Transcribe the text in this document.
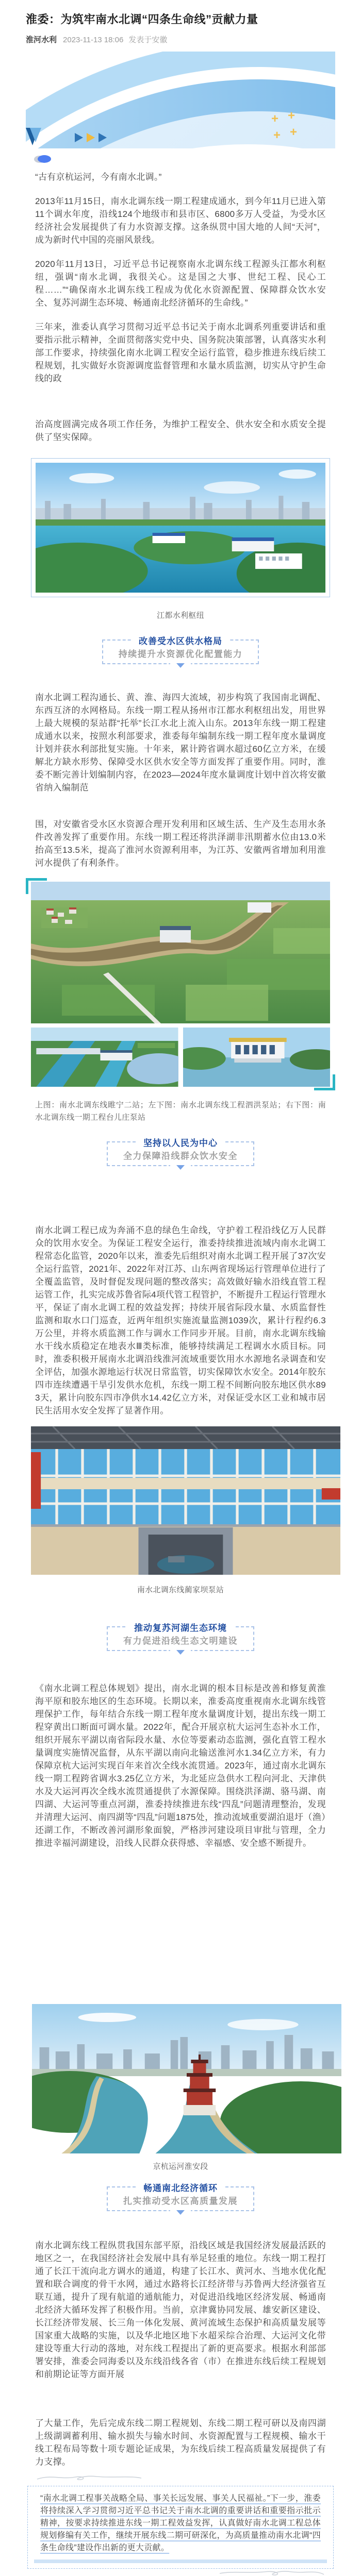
淮委：为筑牢南水北调“四条生命线”贡献力量
淮河水利 2023-11-13 18:06 发表于安徽
+ +
+ +

“古有京杭运河，今有南水北调。”

2013年11月15日，南水北调东线一期工程建成通水，到今年11月已进入第11个调水年度，沿线124个地级市和县市区、6800多万人受益，为受水区经济社会发展提供了有力水资源支撑。这条纵贯中国大地的人间“天河”，成为新时代中国的亮丽风景线。

2020年11月13日，习近平总书记视察南水北调东线工程源头江都水利枢纽，强调“南水北调，我很关心。这是国之大事、世纪工程、民心工程……”“确保南水北调东线工程成为优化水资源配置、保障群众饮水安全、复苏河湖生态环境、畅通南北经济循环的生命线。”

三年来，淮委认真学习贯彻习近平总书记关于南水北调系列重要讲话和重要指示批示精神，全面贯彻落实党中央、国务院决策部署，认真落实水利部工作要求，持续强化南水北调工程安全运行监管，稳步推进东线后续工程规划，扎实做好水资源调度监督管理和水量水质监测，切实从守护生命线的政

治高度圆满完成各项工作任务，为维护工程安全、供水安全和水质安全提供了坚实保障。

江都水利枢纽
改善受水区供水格局
持续提升水资源优化配置能力

南水北调工程沟通长、黄、淮、海四大流域，初步构筑了我国南北调配、东西互济的水网格局。东线一期工程从扬州市江都水利枢纽出发，用世界上最大规模的泵站群“托举”长江水北上流入山东。2013年东线一期工程建成通水以来，按照水利部要求，淮委每年编制东线一期工程年度水量调度计划并获水利部批复实施。十年来，累计跨省调水超过60亿立方米，在缓解北方缺水形势、保障受水区供水安全等方面发挥了重要作用。同时，淮委不断完善计划编制内容，在2023—2024年度水量调度计划中首次将安徽省纳入编制范

围，对安徽省受水区水资源合理开发利用和区域生活、生产及生态用水条件改善发挥了重要作用。东线一期工程还将洪泽湖非汛期蓄水位由13.0米抬高至13.5米，提高了淮河水资源利用率，为江苏、安徽两省增加利用淮河水提供了有利条件。

上图：南水北调东线睢宁二站；左下图：南水北调东线工程泗洪泵站；右下图：南水北调东线一期工程台儿庄泵站
坚持以人民为中心
全力保障沿线群众饮水安全

南水北调工程已成为奔涌不息的绿色生命线，守护着工程沿线亿万人民群众的饮用水安全。为保证工程安全运行，淮委持续推进流域内南水北调工程常态化监管，2020年以来，淮委先后组织对南水北调工程开展了37次安全运行监管，2021年、2022年对江苏、山东两省现场运行管理单位进行了全覆盖监管，及时督促发现问题的整改落实；高效做好输水沿线直管工程运管工作，扎实完成苏鲁省际4项代管工程管护，不断提升工程运行管理水平，保证了南水北调工程的效益发挥；持续开展省际段水量、水质监督性监测和取水口门巡查，近两年组织实施流量监测1039次，累计行程约6.3万公里，并将水质监测工作与调水工作同步开展。目前，南水北调东线输水干线水质稳定在地表水Ⅲ类标准，能够持续满足工程调水水质目标。同时，淮委积极开展南水北调沿线淮河流域重要饮用水水源地名录调查和安全评估，加强水源地运行状况日常监管，切实保障饮水安全。2014年胶东四市连续遭遇干旱引发供水危机，东线一期工程不间断向胶东地区供水893天，累计向胶东四市净供水14.42亿立方米，对保证受水区工业和城市居民生活用水安全发挥了显著作用。

南水北调东线蔺家坝泵站
推动复苏河湖生态环境
有力促进沿线生态文明建设

《南水北调工程总体规划》提出，南水北调的根本目标是改善和修复黄淮海平原和胶东地区的生态环境。长期以来，淮委高度重视南水北调东线管理保护工作，每年结合东线一期工程年度水量调度计划，提出东线一期工程穿黄出口断面可调水量。2022年，配合开展京杭大运河生态补水工作，组织开展东平湖以南省际段水量、水位等要素动态监测，强化直管工程水量调度实施情况监督，从东平湖以南向北输送淮河水1.34亿立方米，有力保障京杭大运河实现百年来首次全线水流贯通。2023年，通过南水北调东线一期工程跨省调水3.25亿立方米，为北延应急供水工程向河北、天津供水及大运河再次全线水流贯通提供了水源保障。围绕洪泽湖、骆马湖、南四湖、大运河等重点河湖，淮委持续推进东线“四乱”问题清理整治，发现并清理大运河、南四湖等“四乱”问题1875处，推动流域重要湖泊退圩（渔）还湖工作，不断改善河湖形象面貌，严格涉河建设项目审批与管理，全力推进幸福河湖建设，沿线人民群众获得感、幸福感、安全感不断提升。

京杭运河淮安段
畅通南北经济循环
扎实推动受水区高质量发展

南水北调东线工程纵贯我国东部平原，沿线区域是我国经济发展最活跃的地区之一，在我国经济社会发展中具有举足轻重的地位。东线一期工程打通了长江干流向北方调水的通道，构建了长江水、黄河水、当地水优化配置和联合调度的骨干水网，通过水路将长江经济带与苏鲁两大经济强省互联互通，提升了现有航道的通航能力，对促进沿线地区经济发展、畅通南北经济大循环发挥了积极作用。当前，京津冀协同发展、雄安新区建设、长江经济带发展、长三角一体化发展、黄河流域生态保护和高质量发展等国家重大战略的实施，以及华北地区地下水超采综合治理、大运河文化带建设等重大行动的落地，对东线工程提出了新的更高要求。根据水利部部署安排，淮委会同海委以及东线沿线各省（市）在推进东线后续工程规划和前期论证等方面开展

了大量工作，先后完成东线二期工程规划、东线二期工程可研以及南四湖上级湖调蓄利用、输水损失与输水时间、水资源配置与工程规模、输水干线工程布局等数十项专题论证成果，为东线后续工程高质量发展提供了有力支撑。

“南水北调工程事关战略全局、事关长远发展、事关人民福祉。”下一步，淮委将持续深入学习贯彻习近平总书记关于南水北调的重要讲话和重要指示批示精神，按要求持续推进东线一期工程效益发挥，认真做好南水北调工程总体规划修编有关工作，继续开展东线二期可研深化，为高质量推动南水北调“四条生命线”建设作出新的更大贡献。
